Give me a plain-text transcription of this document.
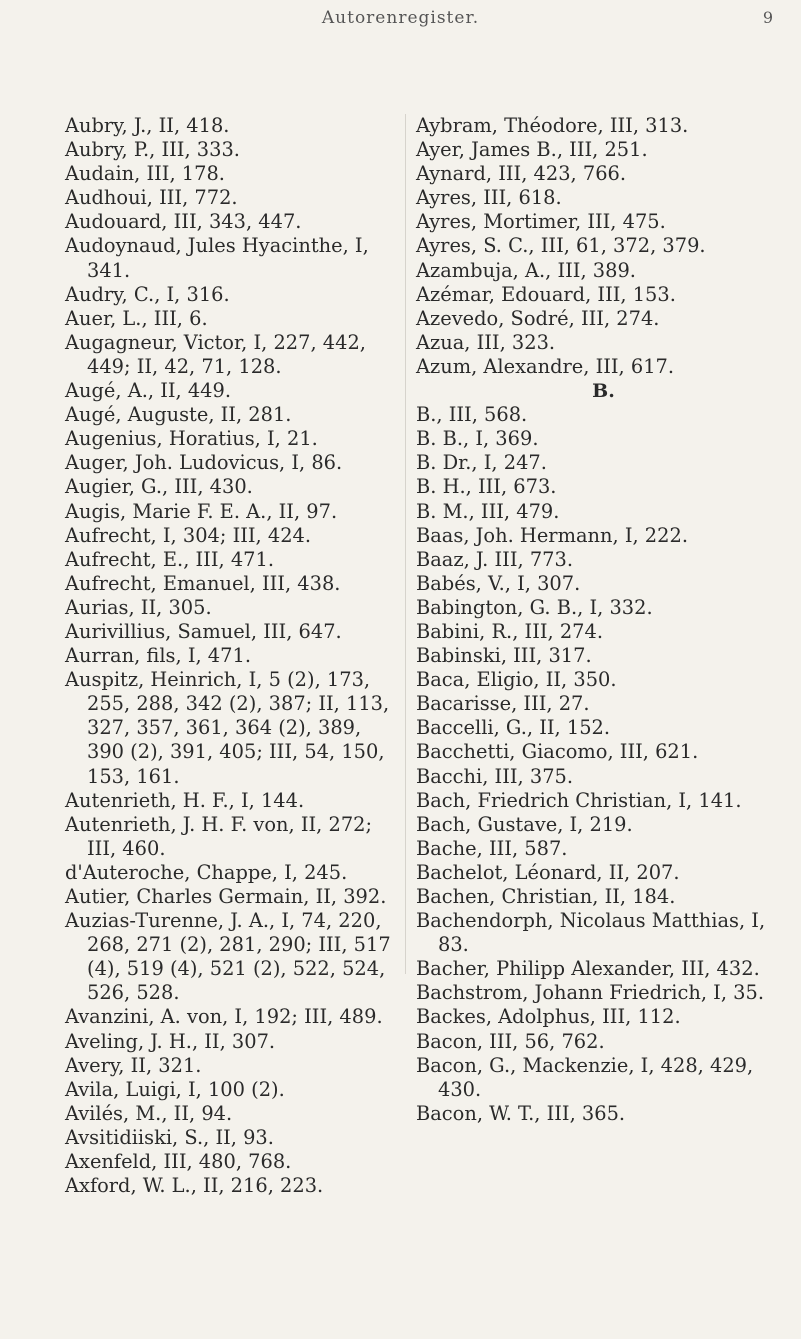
Autorenregister.	9

Aubry, J., II, 418.

Aubry, P., III, 333.

Audain, III, 178.

Audhoui, III, 772.

Audouard, III, 343, 447.

Audoynaud, Jules Hyacinthe, I, 341.

Audry, C., I, 316.

Auer, L., III, 6.

Augagneur, Victor, I, 227, 442, 449; II, 42, 71, 128.

Augé, A., II, 449.

Augé, Auguste, II, 281.

Augenius, Horatius, I, 21.

Auger, Joh. Ludovicus, I, 86.

Augier, G., III, 430.

Augis, Marie F. E. A., II, 97.

Aufrecht, I, 304; III, 424.

Aufrecht, E., III, 471.

Aufrecht, Emanuel, III, 438.

Aurias, II, 305.

Aurivillius, Samuel, III, 647.

Aurran, fils, I, 471.

Auspitz, Heinrich, I, 5 (2), 173, 255, 288, 342 (2), 387; II, 113, 327, 357, 361, 364 (2), 389, 390 (2), 391, 405; III, 54, 150, 153, 161.

Autenrieth, H. F., I, 144.

Autenrieth, J. H. F. von, II, 272; III, 460.

d'Auteroche, Chappe, I, 245.

Autier, Charles Germain, II, 392.

Auzias-Turenne, J. A., I, 74, 220, 268, 271 (2), 281, 290; III, 517 (4), 519 (4), 521 (2), 522, 524, 526, 528.

Avanzini, A. von, I, 192; III, 489.

Aveling, J. H., II, 307.

Avery, II, 321.

Avila, Luigi, I, 100 (2).

Avilés, M., II, 94.

Avsitidiiski, S., II, 93.

Axenfeld, III, 480, 768.

Axford, W. L., II, 216, 223.

Aybram, Théodore, III, 313.

Ayer, James B., III, 251.

Aynard, III, 423, 766.

Ayres, III, 618.

Ayres, Mortimer, III, 475.

Ayres, S. C., III, 61, 372, 379.

Azambuja, A., III, 389.

Azémar, Edouard, III, 153.

Azevedo, Sodré, III, 274.

Azua, III, 323.

Azum, Alexandre, III, 617.

B.

B., III, 568.

B. B., I, 369.

B. Dr., I, 247.

B. H., III, 673.

B. M., III, 479.

Baas, Joh. Hermann, I, 222.

Baaz, J. III, 773.

Babés, V., I, 307.

Babington, G. B., I, 332.

Babini, R., III, 274.

Babinski, III, 317.

Baca, Eligio, II, 350.

Bacarisse, III, 27.

Baccelli, G., II, 152.

Bacchetti, Giacomo, III, 621.

Bacchi, III, 375.

Bach, Friedrich Christian, I, 141.

Bach, Gustave, I, 219.

Bache, III, 587.

Bachelot, Léonard, II, 207.

Bachen, Christian, II, 184.

Bachendorph, Nicolaus Matthias, I, 83.

Bacher, Philipp Alexander, III, 432.

Bachstrom, Johann Friedrich, I, 35.

Backes, Adolphus, III, 112.

Bacon, III, 56, 762.

Bacon, G., Mackenzie, I, 428, 429, 430.

Bacon, W. T., III, 365.
